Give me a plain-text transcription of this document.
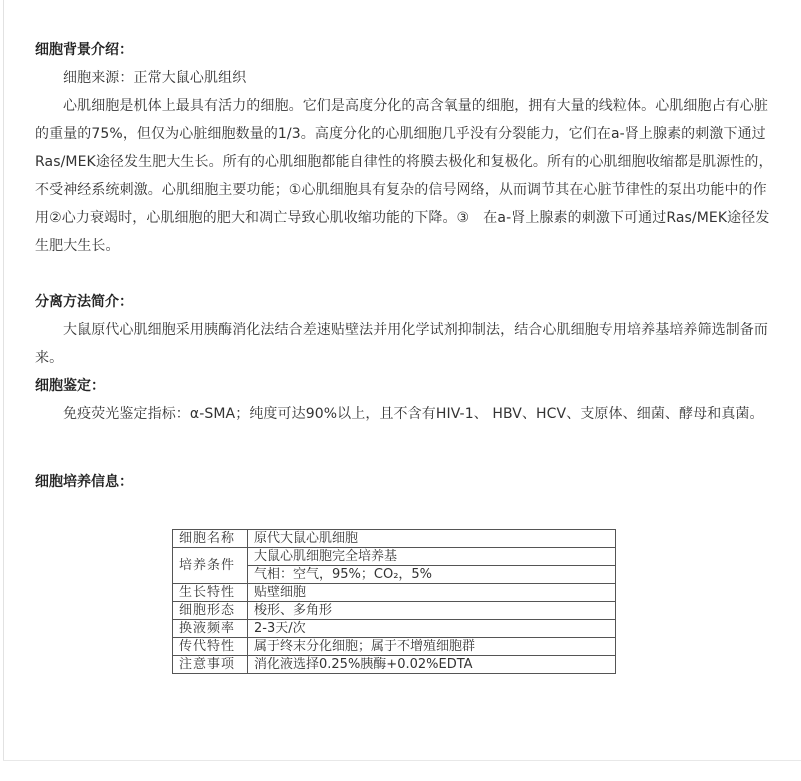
细胞背景介绍：
细胞来源：正常大鼠心肌组织
心肌细胞是机体上最具有活力的细胞。它们是高度分化的高含氧量的细胞，拥有大量的线粒体。心肌细胞占有心脏的重量的75%，但仅为心脏细胞数量的1/3。高度分化的心肌细胞几乎没有分裂能力，它们在a-肾上腺素的刺激下通过Ras/MEK途径发生肥大生长。所有的心肌细胞都能自律性的将膜去极化和复极化。所有的心肌细胞收缩都是肌源性的，不受神经系统刺激。心肌细胞主要功能；①心肌细胞具有复杂的信号网络，从而调节其在心脏节律性的泵出功能中的作用②心力衰竭时，心肌细胞的肥大和凋亡导致心肌收缩功能的下降。③　在a-肾上腺素的刺激下可通过Ras/MEK途径发生肥大生长。
分离方法简介：
大鼠原代心肌细胞采用胰酶消化法结合差速贴壁法并用化学试剂抑制法，结合心肌细胞专用培养基培养筛选制备而来。
细胞鉴定：
免疫荧光鉴定指标：α-SMA；纯度可达90%以上，且不含有HIV-1、 HBV、HCV、支原体、细菌、酵母和真菌。
细胞培养信息：
细胞名称	原代大鼠心肌细胞
培养条件	大鼠心肌细胞完全培养基
	气相：空气，95%；CO₂，5%
生长特性	贴壁细胞
细胞形态	梭形、多角形
换液频率	2-3天/次
传代特性	属于终末分化细胞；属于不增殖细胞群
注意事项	消化液选择0.25%胰酶+0.02%EDTA
